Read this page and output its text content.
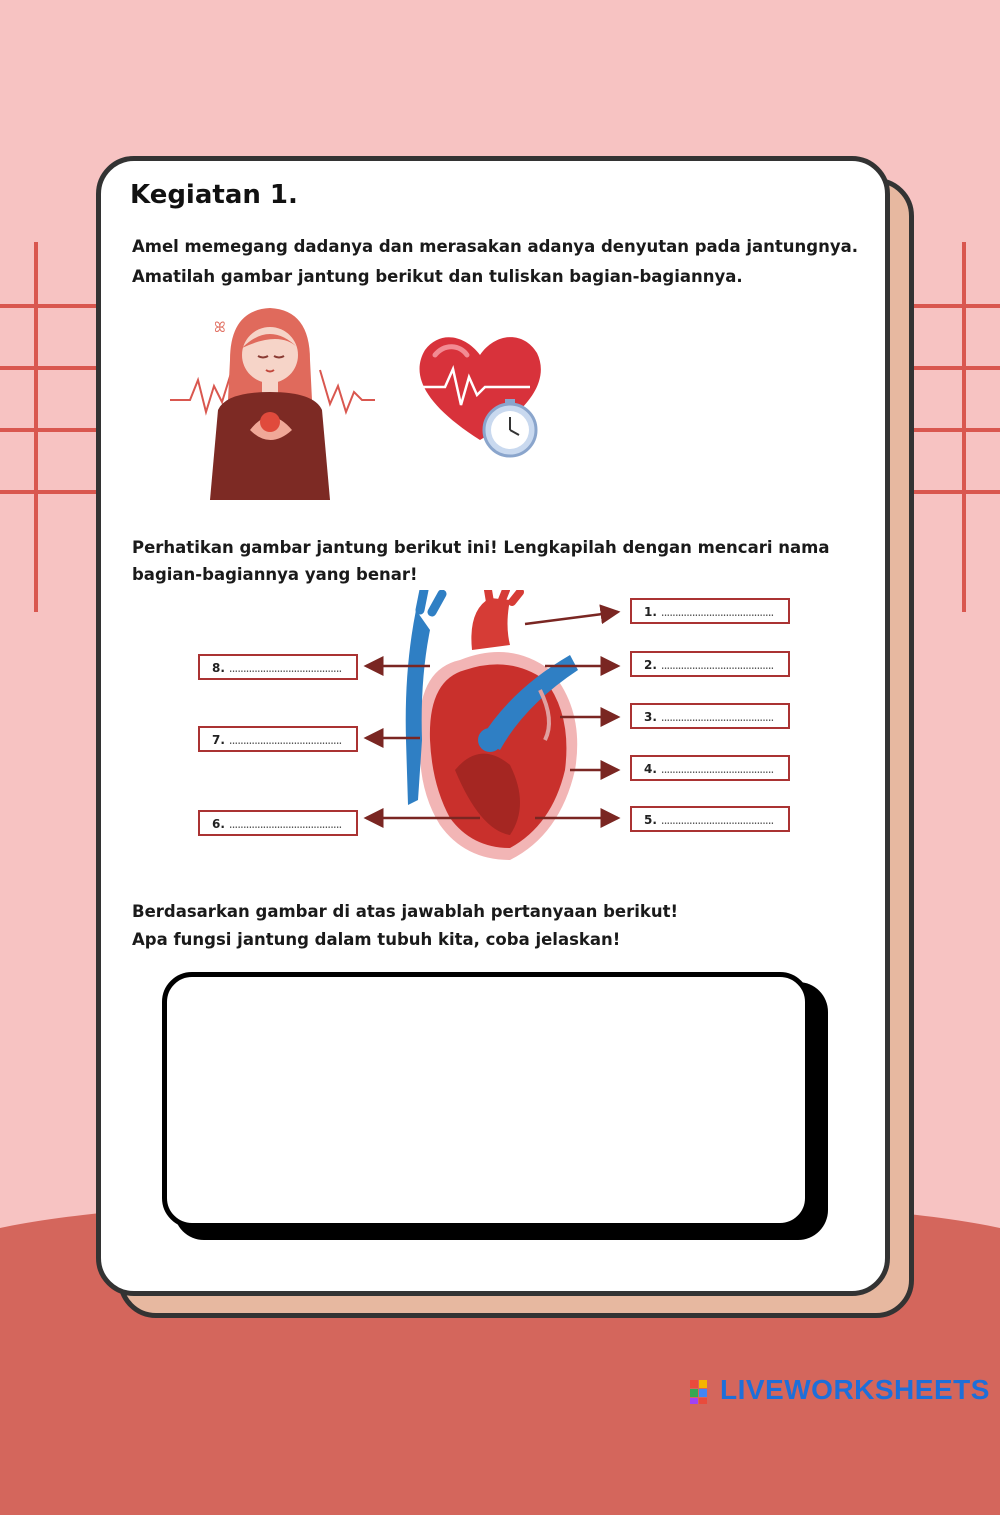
Kegiatan 1.
Amel memegang dadanya dan merasakan adanya denyutan pada jantungnya.
Amatilah gambar jantung berikut dan tuliskan bagian-bagiannya.
ꕤ
Perhatikan gambar jantung berikut ini! Lengkapilah dengan mencari nama
bagian-bagiannya yang benar!
1. ........................................
2. ........................................
3. ........................................
4. ........................................
5. ........................................
6. ........................................
7. ........................................
8. ........................................
Berdasarkan gambar di atas jawablah pertanyaan berikut!
Apa fungsi jantung dalam tubuh kita, coba jelaskan!
LIVEWORKSHEETS
